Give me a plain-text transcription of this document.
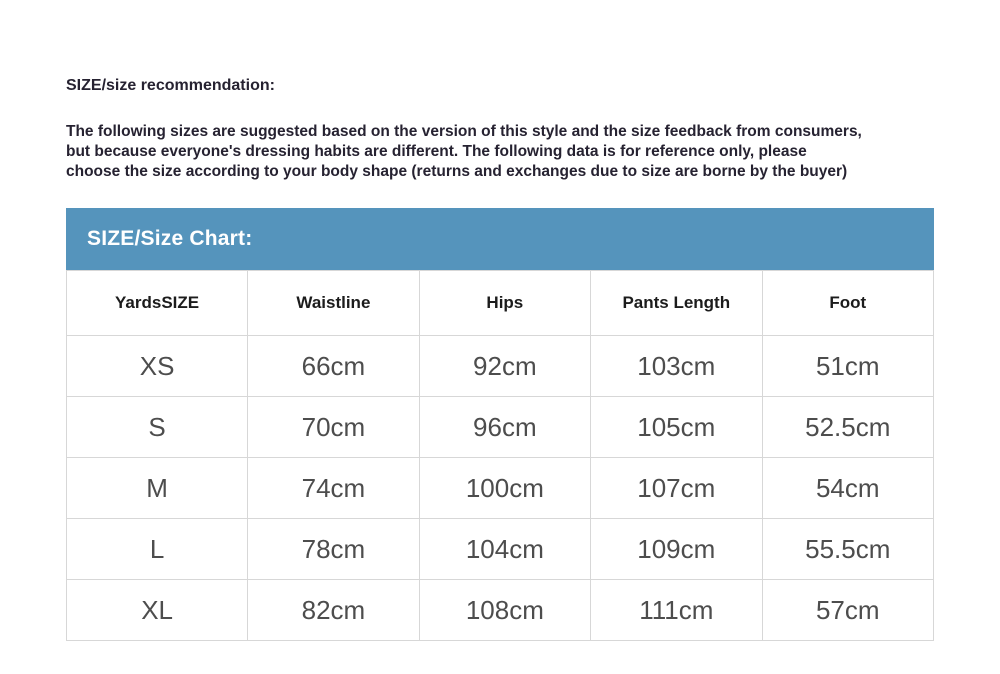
SIZE/size recommendation:
The following sizes are suggested based on the version of this style and the size feedback from consumers,
but because everyone's dressing habits are different. The following data is for reference only, please
choose the size according to your body shape (returns and exchanges due to size are borne by the buyer)
SIZE/Size Chart:
YardsSIZE	Waistline	Hips	Pants Length	Foot
XS	66cm	92cm	103cm	51cm
S	70cm	96cm	105cm	52.5cm
M	74cm	100cm	107cm	54cm
L	78cm	104cm	109cm	55.5cm
XL	82cm	108cm	111cm	57cm
